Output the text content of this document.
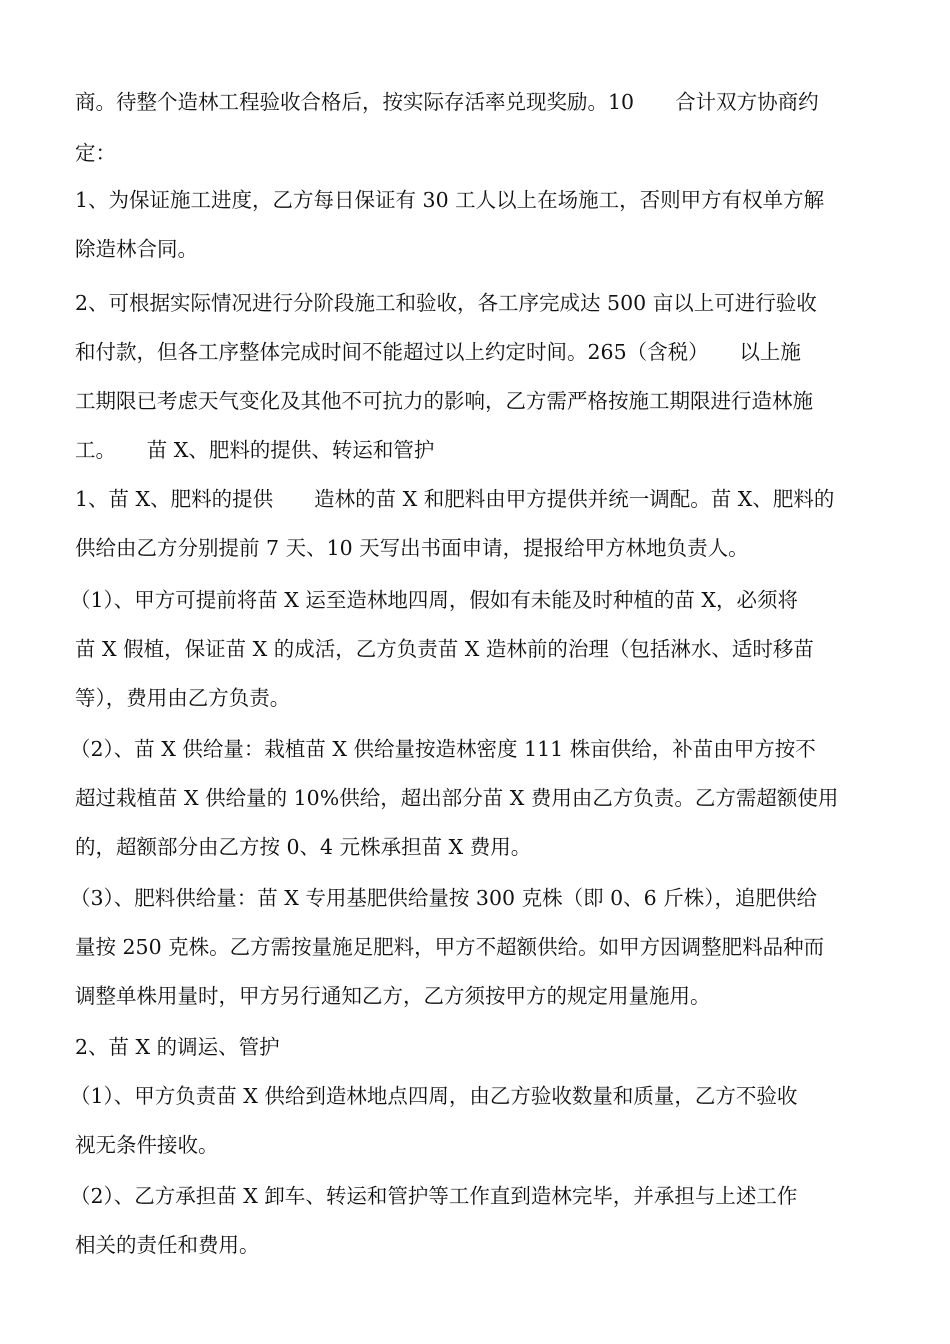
商。待整个造林工程验收合格后，按实际存活率兑现奖励。10　　合计双方协商约
定：
1、为保证施工进度，乙方每日保证有 30 工人以上在场施工，否则甲方有权单方解
除造林合同。
2、可根据实际情况进行分阶段施工和验收，各工序完成达 500 亩以上可进行验收
和付款，但各工序整体完成时间不能超过以上约定时间。265（含税）　　以上施
工期限已考虑天气变化及其他不可抗力的影响，乙方需严格按施工期限进行造林施
工。　　苗 X、肥料的提供、转运和管护
1、苗 X、肥料的提供　　造林的苗 X 和肥料由甲方提供并统一调配。苗 X、肥料的
供给由乙方分别提前 7 天、10 天写出书面申请，提报给甲方林地负责人。
（1）、甲方可提前将苗 X 运至造林地四周，假如有未能及时种植的苗 X，必须将
苗 X 假植，保证苗 X 的成活，乙方负责苗 X 造林前的治理（包括淋水、适时移苗
等），费用由乙方负责。
（2）、苗 X 供给量：栽植苗 X 供给量按造林密度 111 株亩供给，补苗由甲方按不
超过栽植苗 X 供给量的 10%供给，超出部分苗 X 费用由乙方负责。乙方需超额使用
的，超额部分由乙方按 0、4 元株承担苗 X 费用。
（3）、肥料供给量：苗 X 专用基肥供给量按 300 克株（即 0、6 斤株），追肥供给
量按 250 克株。乙方需按量施足肥料，甲方不超额供给。如甲方因调整肥料品种而
调整单株用量时，甲方另行通知乙方，乙方须按甲方的规定用量施用。
2、苗 X 的调运、管护
（1）、甲方负责苗 X 供给到造林地点四周，由乙方验收数量和质量，乙方不验收
视无条件接收。
（2）、乙方承担苗 X 卸车、转运和管护等工作直到造林完毕，并承担与上述工作
相关的责任和费用。
